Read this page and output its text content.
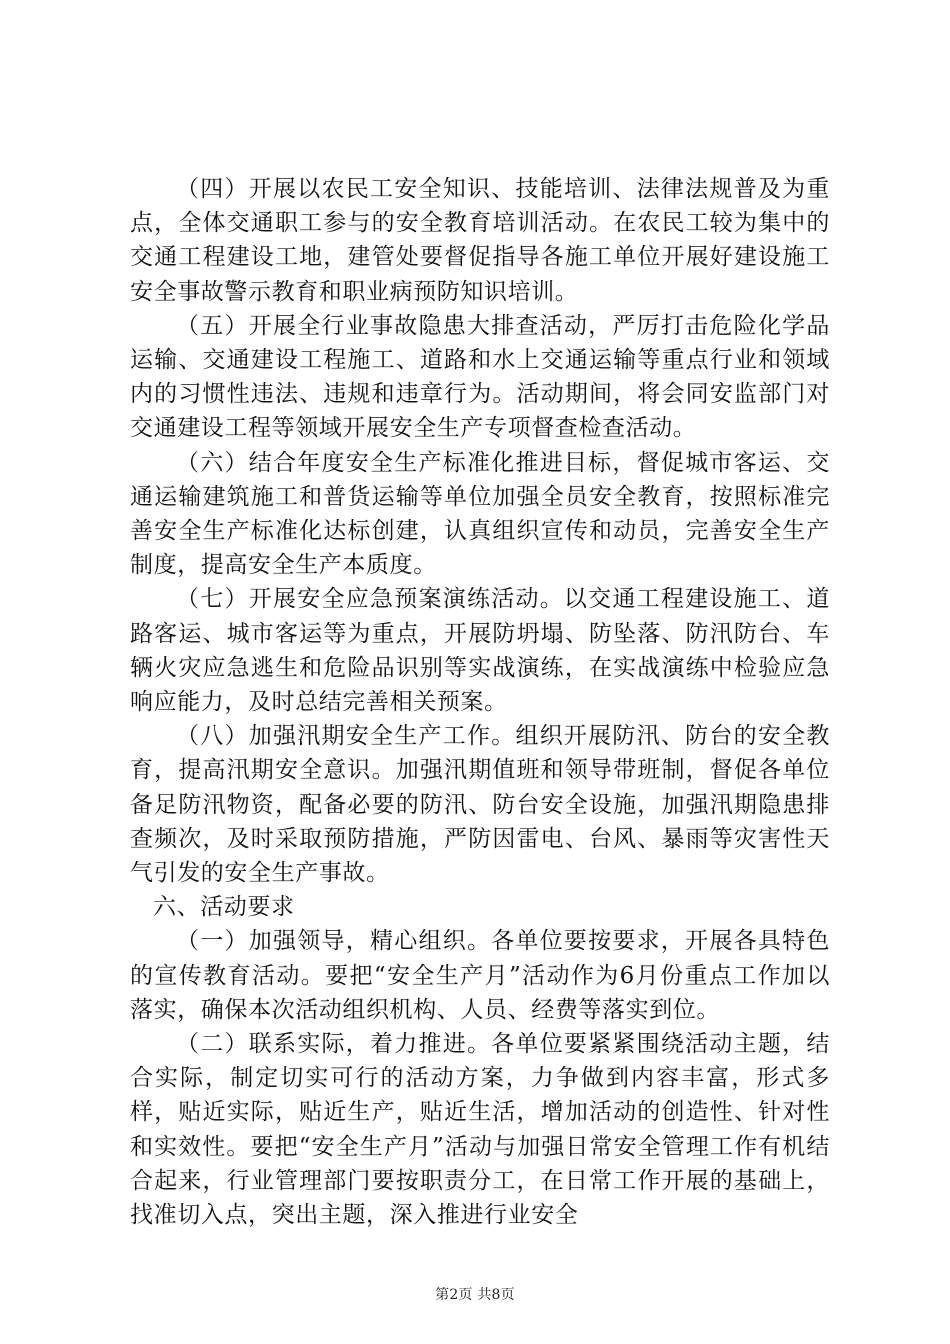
（四）开展以农民工安全知识、技能培训、法律法规普及为重点，全体交通职工参与的安全教育培训活动。在农民工较为集中的交通工程建设工地，建管处要督促指导各施工单位开展好建设施工安全事故警示教育和职业病预防知识培训。

（五）开展全行业事故隐患大排查活动，严厉打击危险化学品运输、交通建设工程施工、道路和水上交通运输等重点行业和领域内的习惯性违法、违规和违章行为。活动期间，将会同安监部门对交通建设工程等领域开展安全生产专项督查检查活动。

（六）结合年度安全生产标准化推进目标，督促城市客运、交通运输建筑施工和普货运输等单位加强全员安全教育，按照标准完善安全生产标准化达标创建，认真组织宣传和动员，完善安全生产制度，提高安全生产本质度。

（七）开展安全应急预案演练活动。以交通工程建设施工、道路客运、城市客运等为重点，开展防坍塌、防坠落、防汛防台、车辆火灾应急逃生和危险品识别等实战演练，在实战演练中检验应急响应能力，及时总结完善相关预案。

（八）加强汛期安全生产工作。组织开展防汛、防台的安全教育，提高汛期安全意识。加强汛期值班和领导带班制，督促各单位备足防汛物资，配备必要的防汛、防台安全设施，加强汛期隐患排查频次，及时采取预防措施，严防因雷电、台风、暴雨等灾害性天气引发的安全生产事故。

六、活动要求

（一）加强领导，精心组织。各单位要按要求，开展各具特色的宣传教育活动。要把“安全生产月”活动作为6月份重点工作加以落实，确保本次活动组织机构、人员、经费等落实到位。

（二）联系实际，着力推进。各单位要紧紧围绕活动主题，结合实际，制定切实可行的活动方案，力争做到内容丰富，形式多样，贴近实际，贴近生产，贴近生活，增加活动的创造性、针对性和实效性。要把“安全生产月”活动与加强日常安全管理工作有机结合起来，行业管理部门要按职责分工，在日常工作开展的基础上，找准切入点，突出主题，深入推进行业安全

第2页 共8页
